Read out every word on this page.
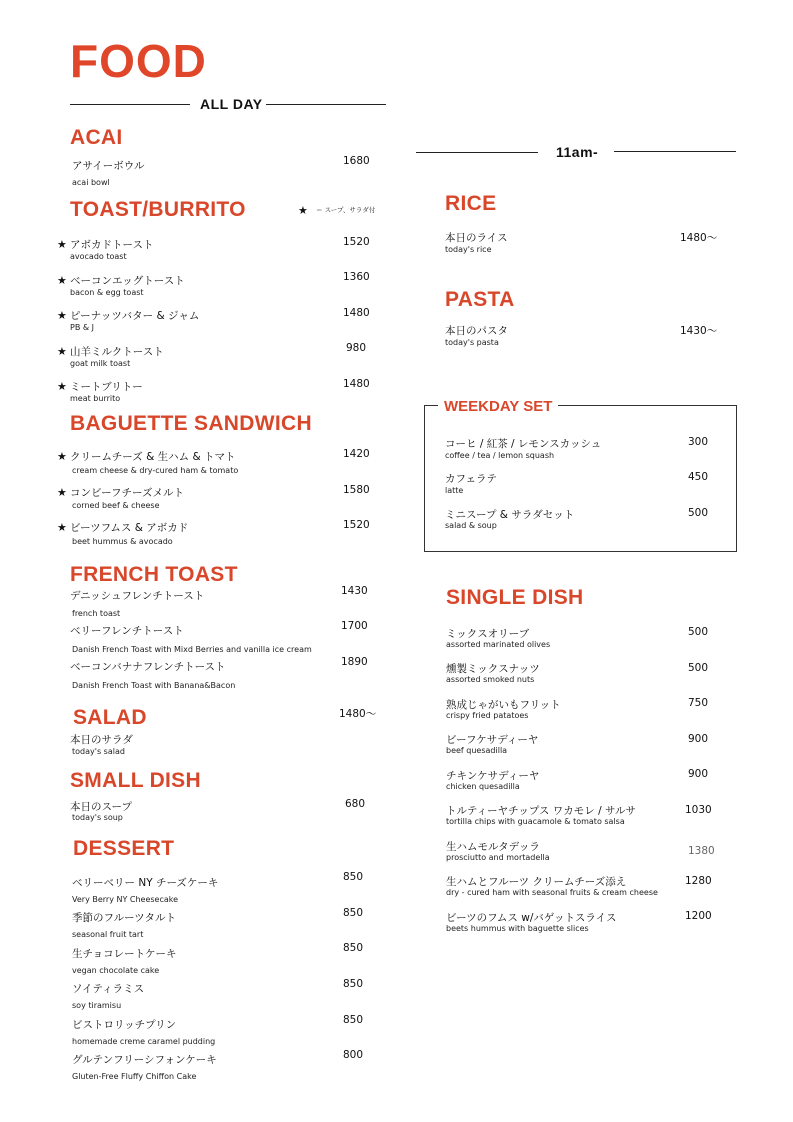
FOOD
ALL DAY
11am-
ACAI
アサイーボウル
acai bowl
1680
TOAST/BURRITO	★ ＝ スープ、サラダ付
★ アボカドトースト
avocado toast
1520
★ ベーコンエッグトースト
bacon & egg toast
1360
★ ピーナッツバター & ジャム
PB & J
1480
★ 山羊ミルクトースト
goat milk toast
980
★ ミートブリトー
meat burrito
1480
BAGUETTE SANDWICH
★ クリームチーズ & 生ハム & トマト
cream cheese & dry-cured ham & tomato
1420
★ コンビーフチーズメルト
corned beef & cheese
1580
★ ビーツフムス & アボカド
beet hummus & avocado
1520
FRENCH TOAST
デニッシュフレンチトースト
french toast
1430
ベリーフレンチトースト
Danish French Toast with Mixd Berries and vanilla ice cream
1700
ベーコンバナナフレンチトースト
Danish French Toast with Banana&Bacon
1890
SALAD
本日のサラダ
today's salad
1480～
SMALL DISH
本日のスープ
today's soup
680
DESSERT
ベリーベリー NY チーズケーキ
Very Berry NY Cheesecake
850
季節のフルーツタルト
seasonal fruit tart
850
生チョコレートケーキ
vegan chocolate cake
850
ソイティラミス
soy tiramisu
850
ビストロリッチプリン
homemade creme caramel pudding
850
グルテンフリーシフォンケーキ
Gluten-Free Fluffy Chiffon Cake
800
RICE
本日のライス
today's rice
1480～
PASTA
本日のパスタ
today's pasta
1430～
WEEKDAY SET
コーヒ / 紅茶 / レモンスカッシュ
coffee / tea / lemon squash
300
カフェラテ
latte
450
ミニスープ & サラダセット
salad & soup
500
SINGLE DISH
ミックスオリーブ
assorted marinated olives
500
燻製ミックスナッツ
assorted smoked nuts
500
熟成じゃがいもフリット
crispy fried patatoes
750
ビーフケサディーヤ
beef quesadilla
900
チキンケサディーヤ
chicken quesadilla
900
トルティーヤチップス ワカモレ / サルサ
tortilla chips with guacamole & tomato salsa
1030
生ハムモルタデッラ
prosciutto and mortadella
1380
生ハムとフルーツ クリームチーズ添え
dry - cured ham with seasonal fruits & cream cheese
1280
ビーツのフムス w/バゲットスライス
beets hummus with baguette slices
1200
